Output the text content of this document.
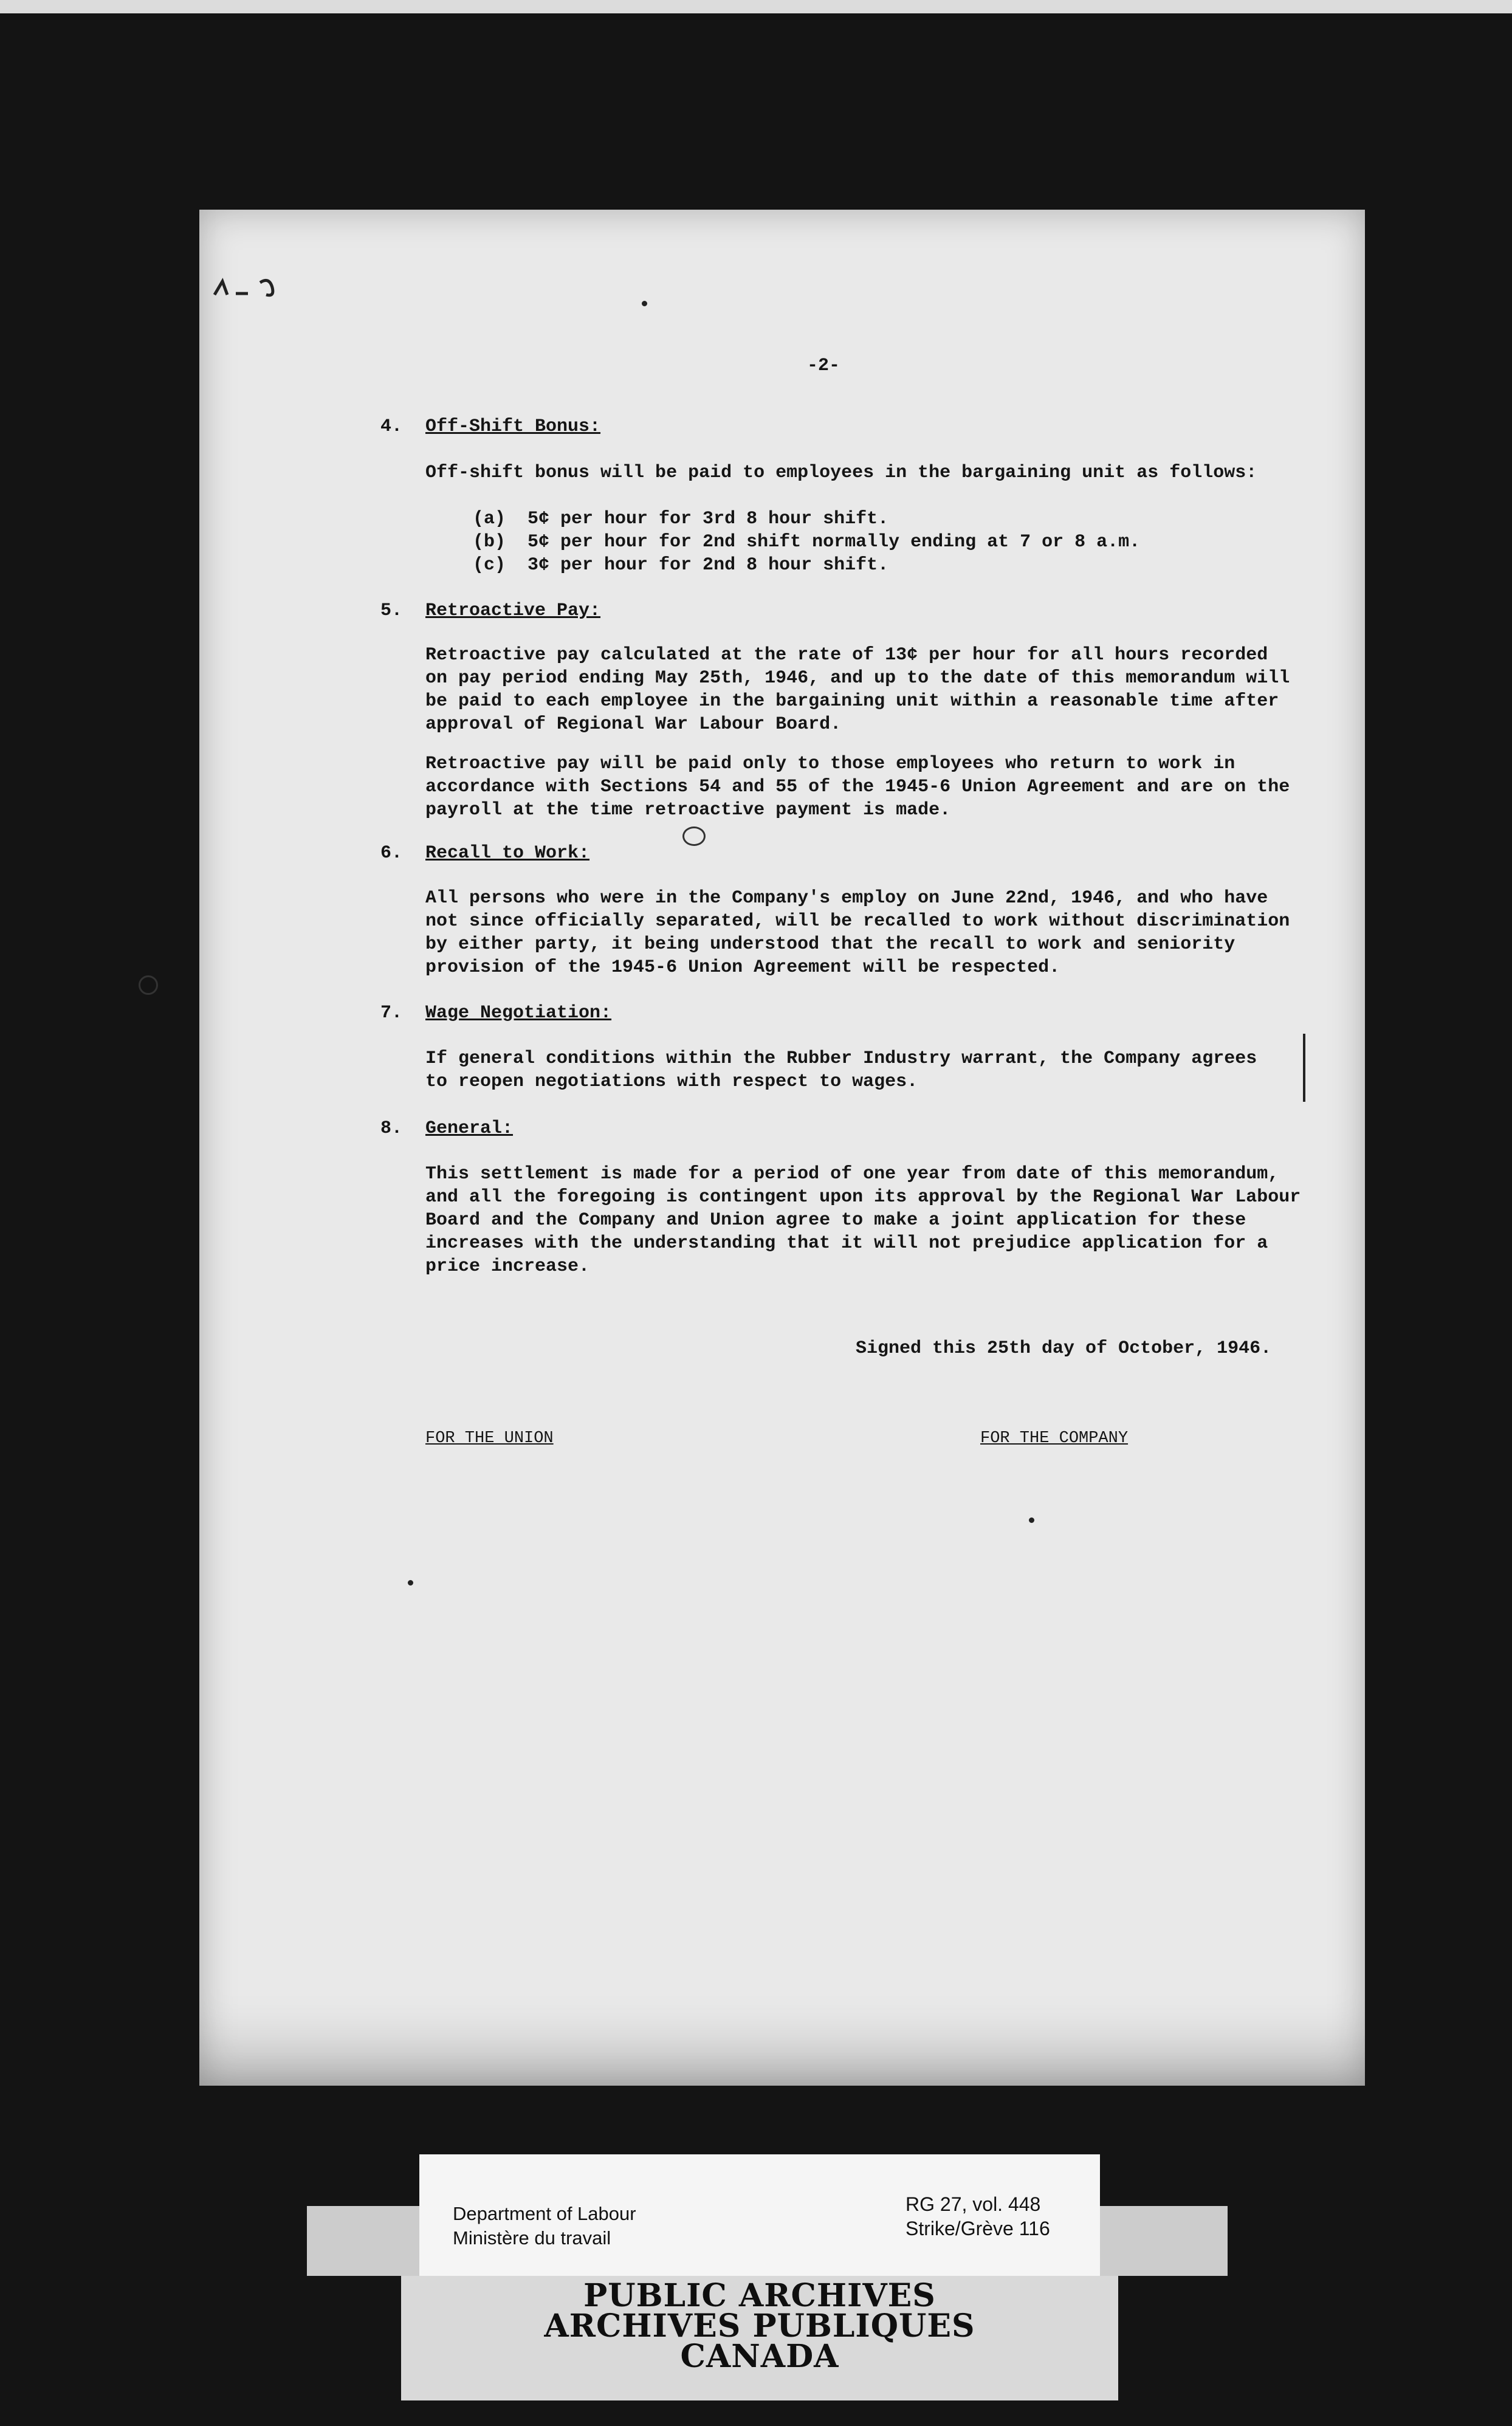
-2-
4. Off-Shift Bonus:
Off-shift bonus will be paid to employees in the bargaining unit as follows:
(a)  5¢ per hour for 3rd 8 hour shift.
(b)  5¢ per hour for 2nd shift normally ending at 7 or 8 a.m.
(c)  3¢ per hour for 2nd 8 hour shift.
5. Retroactive Pay:
Retroactive pay calculated at the rate of 13¢ per hour for all hours recorded
on pay period ending May 25th, 1946, and up to the date of this memorandum will
be paid to each employee in the bargaining unit within a reasonable time after
approval of Regional War Labour Board.
Retroactive pay will be paid only to those employees who return to work in
accordance with Sections 54 and 55 of the 1945-6 Union Agreement and are on the
payroll at the time retroactive payment is made.
6. Recall to Work:
All persons who were in the Company's employ on June 22nd, 1946, and who have
not since officially separated, will be recalled to work without discrimination
by either party, it being understood that the recall to work and seniority
provision of the 1945-6 Union Agreement will be respected.
7. Wage Negotiation:
If general conditions within the Rubber Industry warrant, the Company agrees
to reopen negotiations with respect to wages.
8. General:
This settlement is made for a period of one year from date of this memorandum,
and all the foregoing is contingent upon its approval by the Regional War Labour
Board and the Company and Union agree to make a joint application for these
increases with the understanding that it will not prejudice application for a
price increase.
Signed this 25th day of October, 1946.
FOR THE UNION	FOR THE COMPANY
Department of Labour
Ministère du travail
RG 27, vol. 448
Strike/Grève 116
PUBLIC ARCHIVES
ARCHIVES PUBLIQUES
CANADA
